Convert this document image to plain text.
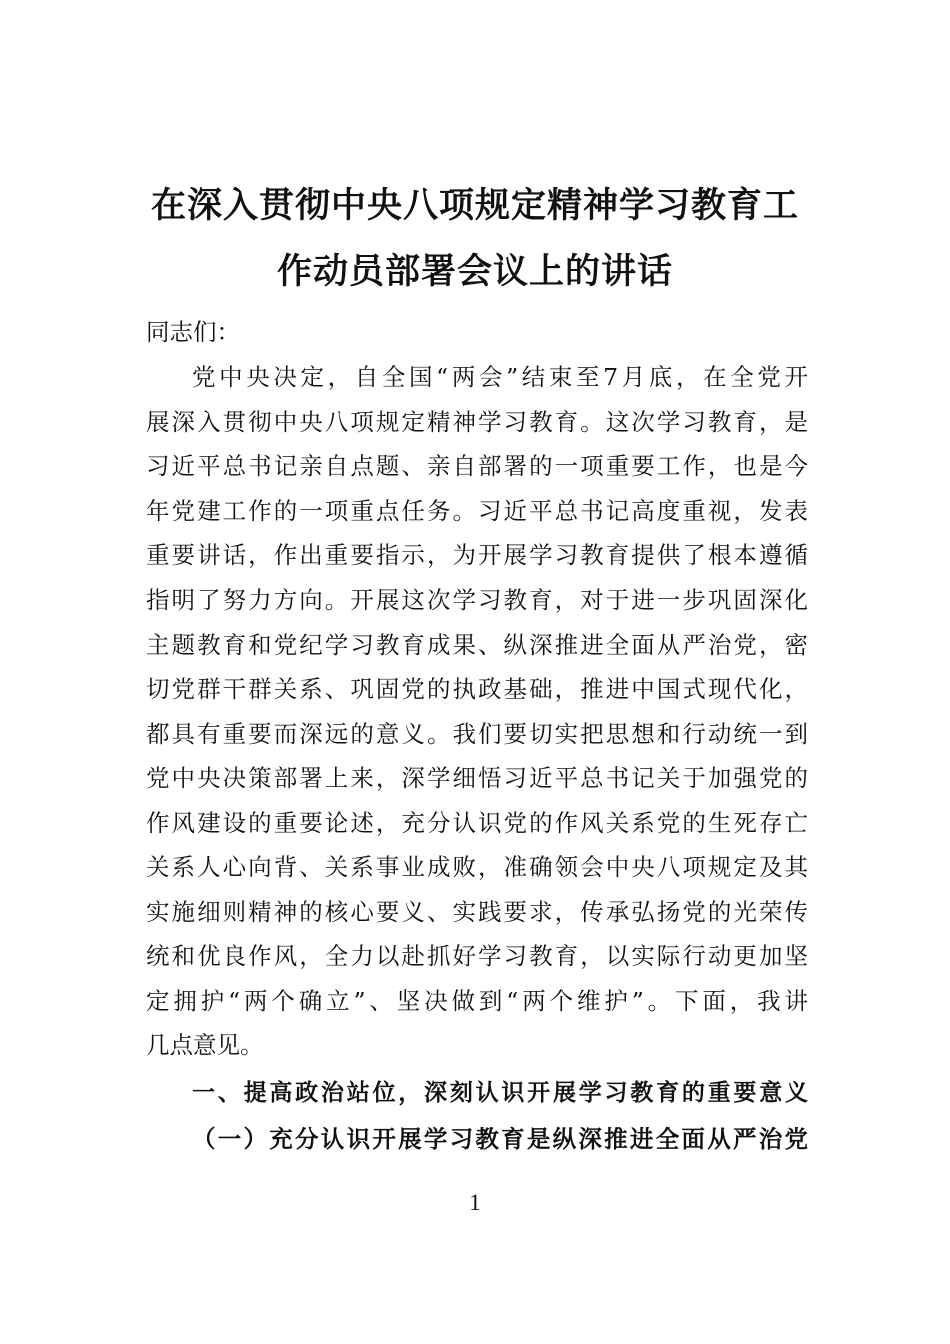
在深入贯彻中央八项规定精神学习教育工
作动员部署会议上的讲话

同志们：

党中央决定，自全国“两会”结束至7月底，在全党开

展深入贯彻中央八项规定精神学习教育。这次学习教育，是

习近平总书记亲自点题、亲自部署的一项重要工作，也是今

年党建工作的一项重点任务。习近平总书记高度重视，发表

重要讲话，作出重要指示，为开展学习教育提供了根本遵循

指明了努力方向。开展这次学习教育，对于进一步巩固深化

主题教育和党纪学习教育成果、纵深推进全面从严治党，密

切党群干群关系、巩固党的执政基础，推进中国式现代化，

都具有重要而深远的意义。我们要切实把思想和行动统一到

党中央决策部署上来，深学细悟习近平总书记关于加强党的

作风建设的重要论述，充分认识党的作风关系党的生死存亡

关系人心向背、关系事业成败，准确领会中央八项规定及其

实施细则精神的核心要义、实践要求，传承弘扬党的光荣传

统和优良作风，全力以赴抓好学习教育，以实际行动更加坚

定拥护“两个确立”、坚决做到“两个维护”。下面，我讲

几点意见。

一、提高政治站位，深刻认识开展学习教育的重要意义

（一）充分认识开展学习教育是纵深推进全面从严治党

1
